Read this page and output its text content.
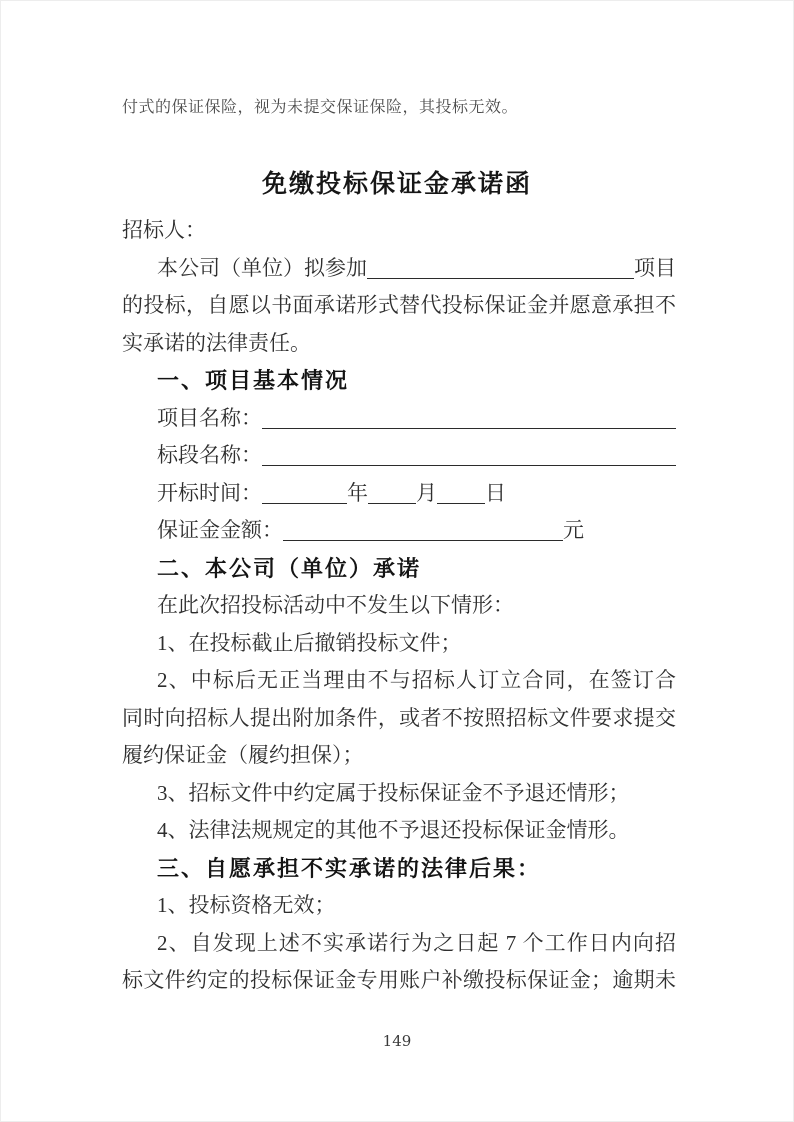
付式的保证保险，视为未提交保证保险，其投标无效。
免缴投标保证金承诺函
招标人：
本公司（单位）拟参加	项目
的投标，自愿以书面承诺形式替代投标保证金并愿意承担不
实承诺的法律责任。
一、项目基本情况
项目名称：
标段名称：
开标时间：	年 月 日
保证金金额：	元
二、本公司（单位）承诺
在此次招投标活动中不发生以下情形：
1、在投标截止后撤销投标文件；
2、中标后无正当理由不与招标人订立合同，在签订合
同时向招标人提出附加条件，或者不按照招标文件要求提交
履约保证金（履约担保）；
3、招标文件中约定属于投标保证金不予退还情形；
4、法律法规规定的其他不予退还投标保证金情形。
三、自愿承担不实承诺的法律后果：
1、投标资格无效；
2、自发现上述不实承诺行为之日起 7 个工作日内向招
标文件约定的投标保证金专用账户补缴投标保证金；逾期未
149
